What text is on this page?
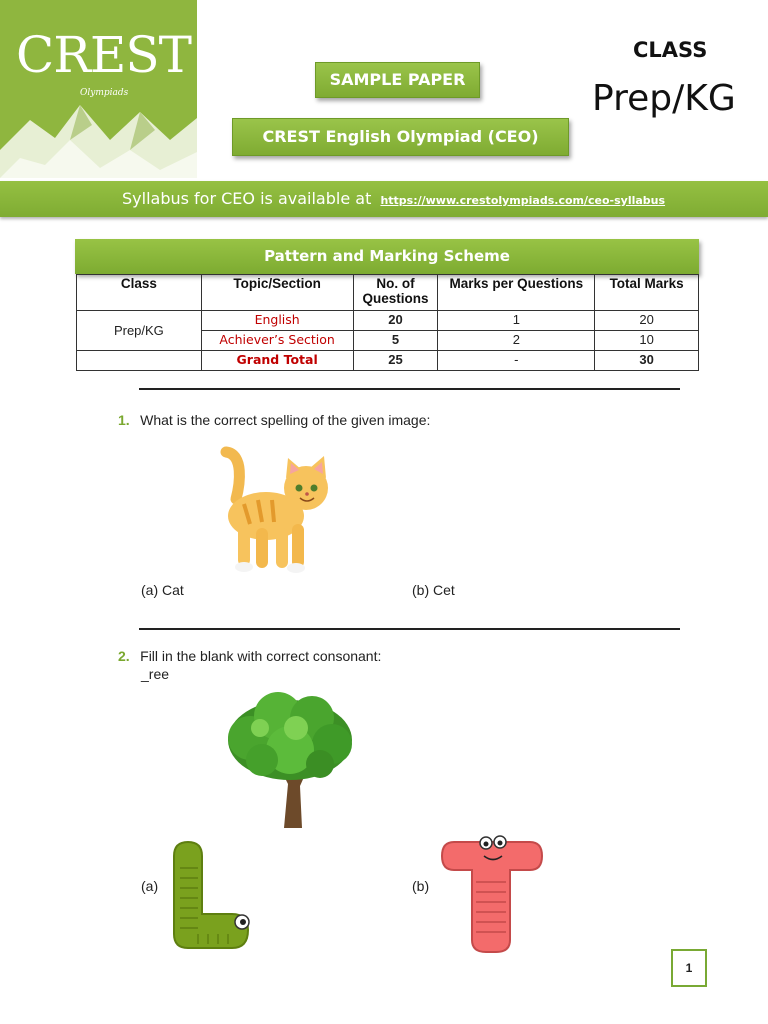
CREST
Olympiads
SAMPLE PAPER
CREST English Olympiad (CEO)
CLASS
Prep/KG
Syllabus for CEO is available at https://www.crestolympiads.com/ceo-syllabus
Pattern and Marking Scheme
Class	Topic/Section	No. of Questions	Marks per Questions	Total Marks
Prep/KG	English	20	1	20
	Achiever’s Section	5	2	10
	Grand Total	25	-	30
1. What is the correct spelling of the given image:
(a) Cat	(b) Cet
2. Fill in the blank with correct consonant:
_ree
(a)	(b)
1
